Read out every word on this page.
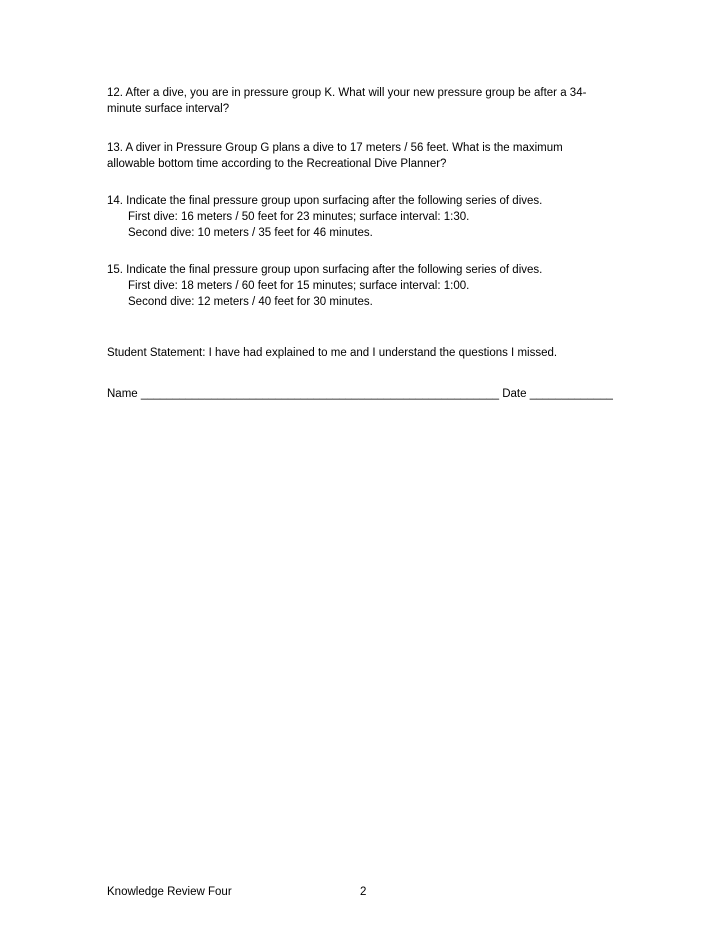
12. After a dive, you are in pressure group K. What will your new pressure group be after a 34-
minute surface interval?
13. A diver in Pressure Group G plans a dive to 17 meters / 56 feet. What is the maximum
allowable bottom time according to the Recreational Dive Planner?
14. Indicate the final pressure group upon surfacing after the following series of dives.
First dive: 16 meters / 50 feet for 23 minutes; surface interval: 1:30.
Second dive: 10 meters / 35 feet for 46 minutes.
15. Indicate the final pressure group upon surfacing after the following series of dives.
First dive: 18 meters / 60 feet for 15 minutes; surface interval: 1:00.
Second dive: 12 meters / 40 feet for 30 minutes.
Student Statement: I have had explained to me and I understand the questions I missed.
Name ________________________________________________________ Date _____________
Knowledge Review Four	2
